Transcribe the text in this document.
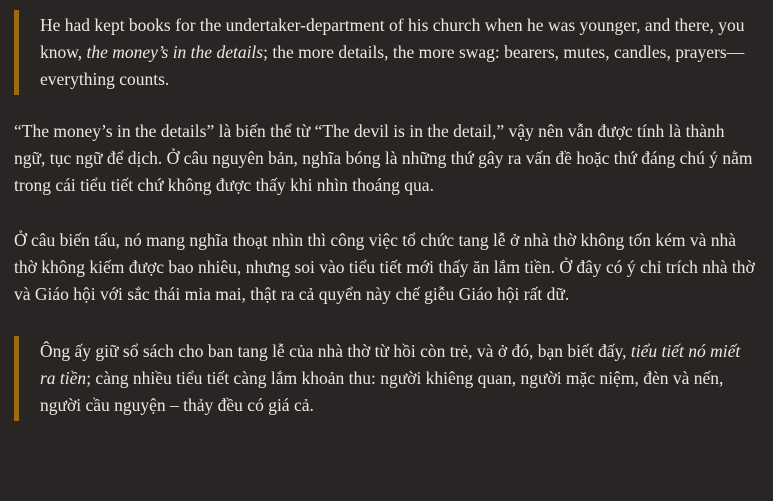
He had kept books for the undertaker-department of his church when he was younger, and there, you know, the money’s in the details; the more details, the more swag: bearers, mutes, candles, prayers—everything counts.

“The money’s in the details” là biến thể từ “The devil is in the detail,” vậy nên vẫn được tính là thành ngữ, tục ngữ để dịch. Ở câu nguyên bản, nghĩa bóng là những thứ gây ra vấn đề hoặc thứ đáng chú ý nằm trong cái tiểu tiết chứ không được thấy khi nhìn thoáng qua.

Ở câu biến tấu, nó mang nghĩa thoạt nhìn thì công việc tổ chức tang lễ ở nhà thờ không tốn kém và nhà thờ không kiếm được bao nhiêu, nhưng soi vào tiểu tiết mới thấy ăn lắm tiền. Ở đây có ý chỉ trích nhà thờ và Giáo hội với sắc thái mỉa mai, thật ra cả quyển này chế giễu Giáo hội rất dữ.

Ông ấy giữ sổ sách cho ban tang lễ của nhà thờ từ hồi còn trẻ, và ở đó, bạn biết đấy, tiểu tiết nó miết ra tiền; càng nhiều tiểu tiết càng lắm khoản thu: người khiêng quan, người mặc niệm, đèn và nến, người cầu nguyện – thảy đều có giá cả.
